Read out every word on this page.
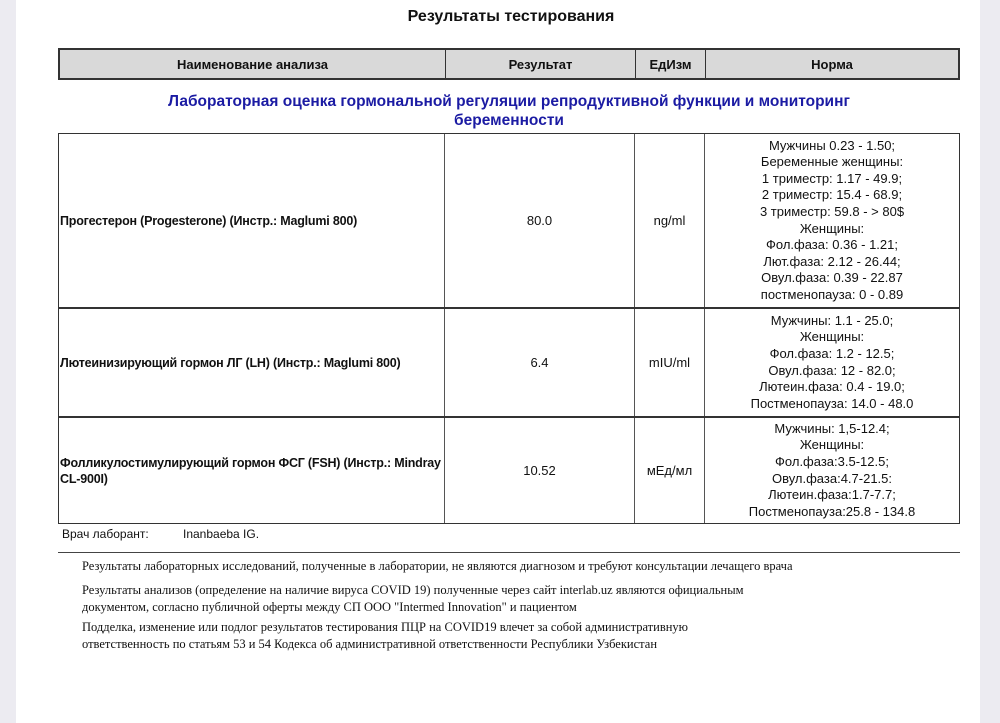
Результаты тестирования
Наименование анализа	Результат	ЕдИзм	Норма
Лабораторная оценка гормональной регуляции репродуктивной функции и мониторинг
беременности
Прогестерон (Progesterone) (Инстр.: Maglumi 800)	80.0	ng/ml
Мужчины 0.23 - 1.50;
Беременные женщины:
1 триместр: 1.17 - 49.9;
2 триместр: 15.4 - 68.9;
3 триместр: 59.8 - > 80$
Женщины:
Фол.фаза: 0.36 - 1.21;
Лют.фаза: 2.12 - 26.44;
Овул.фаза: 0.39 - 22.87
постменопауза: 0 - 0.89
Лютеинизирующий гормон ЛГ (LH) (Инстр.: Maglumi 800)	6.4	mIU/ml
Мужчины: 1.1 - 25.0;
Женщины:
Фол.фаза: 1.2 - 12.5;
Овул.фаза: 12 - 82.0;
Лютеин.фаза: 0.4 - 19.0;
Постменопауза: 14.0 - 48.0
Фолликулостимулирующий гормон ФСГ (FSH) (Инстр.: Mindray CL-900I)
10.52	мЕд/мл
Мужчины: 1,5-12.4;
Женщины:
Фол.фаза:3.5-12.5;
Овул.фаза:4.7-21.5:
Лютеин.фаза:1.7-7.7;
Постменопауза:25.8 - 134.8
Врач лаборант:	Inanbaeba IG.
Результаты лабораторных исследований, полученные в лаборатории, не являются диагнозом и требуют консультации лечащего врача
Результаты анализов (определение на наличие вируса COVID 19) полученные через сайт interlab.uz являются официальным
документом, согласно публичной оферты между СП ООО "Intermed Innovation" и пациентом
Подделка, изменение или подлог результатов тестирования ПЦР на COVID19 влечет за собой административную
ответственность по статьям 53 и 54 Кодекса об административной ответственности Республики Узбекистан
